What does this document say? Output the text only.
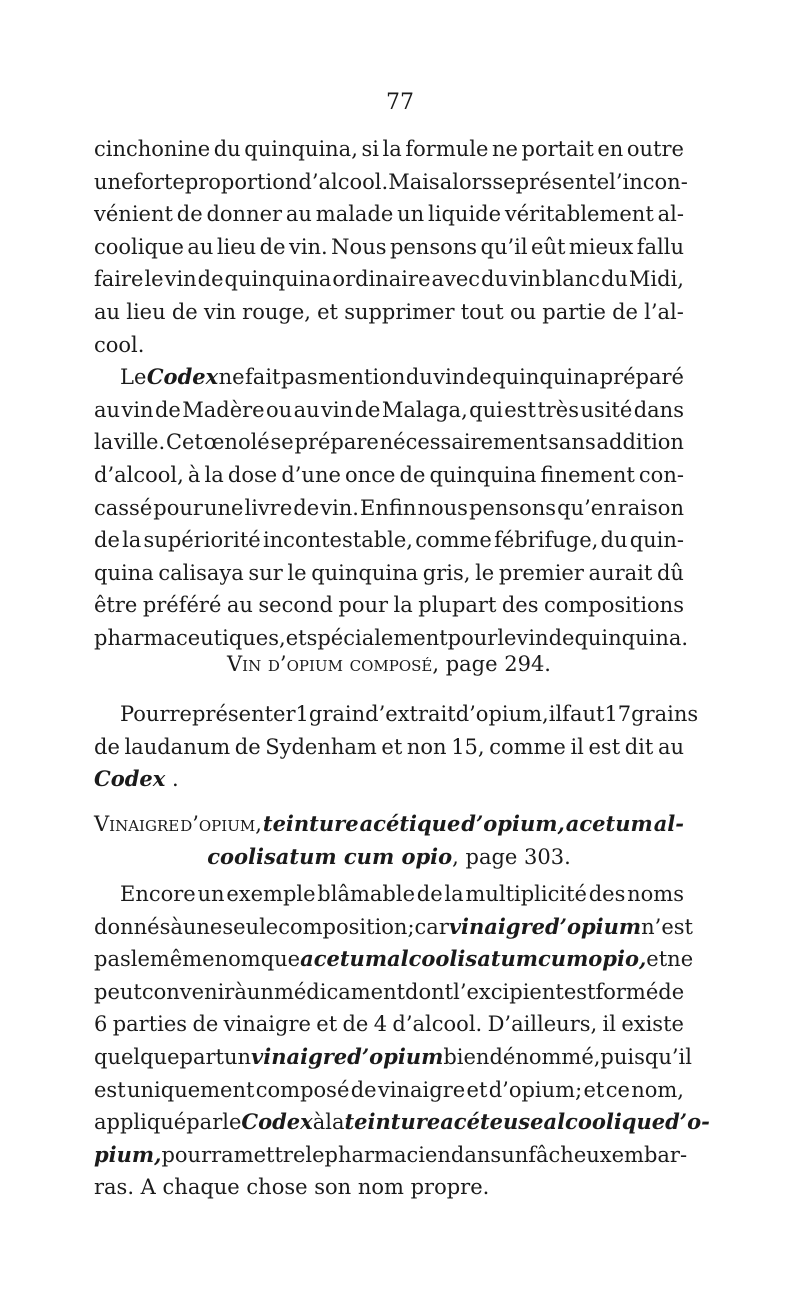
77
cinchonine du quinquina, si la formule ne portait en outre
une forte proportion d’alcool. Mais alors se présente l’incon-
vénient de donner au malade un liquide véritablement al-
coolique au lieu de vin. Nous pensons qu’il eût mieux fallu
faire le vin de quinquina ordinaire avec du vin blanc du Midi,
au lieu de vin rouge, et supprimer tout ou partie de l’al-
cool.
Le Codex ne fait pas mention du vin de quinquina préparé
au vin de Madère ou au vin de Malaga, qui est très usité dans
la ville. Cet œnolé se prépare nécessairement sans addition
d’alcool, à la dose d’une once de quinquina finement con-
cassé pour une livre de vin. Enfin nous pensons qu’en raison
de la supériorité incontestable, comme fébrifuge, du quin-
quina calisaya sur le quinquina gris, le premier aurait dû
être préféré au second pour la plupart des compositions
pharmaceutiques, et spécialement pour le vin de quinquina.
Vin d’opium composé , page 294.
Pour représenter 1 grain d’extrait d’opium, il faut 17 grains
de laudanum de Sydenham et non 15, comme il est dit au
Codex .
Vinaigre d’opium, teinture acétique d’opium, acetum al-
coolisatum cum opio , page 303.
Encore un exemple blâmable de la multiplicité des noms
donnés à une seule composition; car vinaigre d’opium n’est
pas le même nom que acetum alcoolisatum cum opio, et ne
peut convenir à un médicament dont l’excipient est formé de
6 parties de vinaigre et de 4 d’alcool. D’ailleurs, il existe
quelque part un vinaigre d’opium bien dénommé, puisqu’il
est uniquement composé de vinaigre et d’opium; et ce nom,
appliqué par le Codex à la teinture acéteuse alcoolique d’o-
pium, pourra mettre le pharmacien dans un fâcheux embar-
ras. A chaque chose son nom propre.
